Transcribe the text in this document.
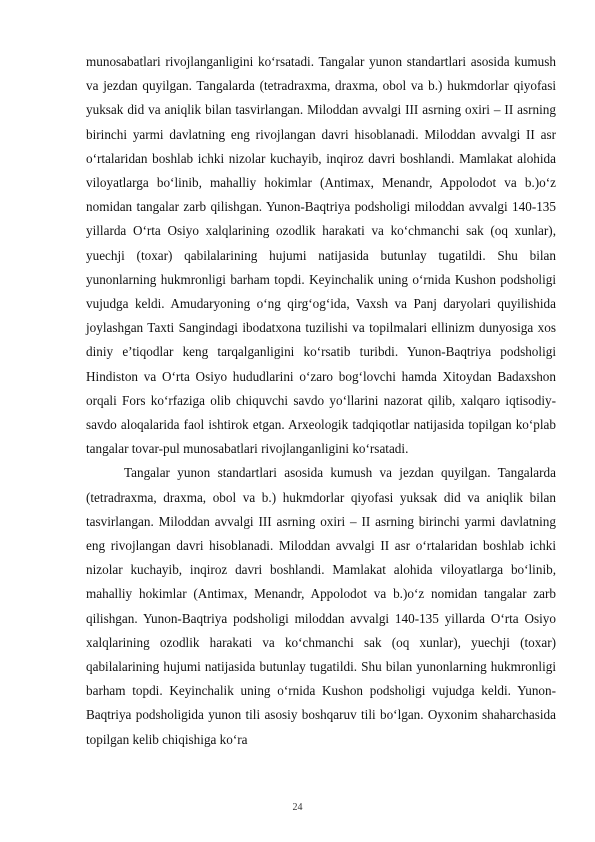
munosabatlari rivojlanganligini ko‘rsatadi. Tangalar yunon standartlari asosida kumush va jezdan quyilgan. Tangalarda (tetradraxma, draxma, obol va b.) hukmdorlar qiyofasi yuksak did va aniqlik bilan tasvirlangan. Miloddan avvalgi III asrning oxiri – II asrning birinchi yarmi davlatning eng rivojlangan davri hisoblanadi. Miloddan avvalgi II asr o‘rtalaridan boshlab ichki nizolar kuchayib, inqiroz davri boshlandi. Mamlakat alohida viloyatlarga bo‘linib, mahalliy hokimlar (Antimax, Menandr, Appolodot va b.)o‘z nomidan tangalar zarb qilishgan. Yunon-Baqtriya podsholigi miloddan avvalgi 140-135 yillarda O‘rta Osiyo xalqlarining ozodlik harakati va ko‘chmanchi sak (oq xunlar), yuechji (toxar) qabilalarining hujumi natijasida butunlay tugatildi. Shu bilan yunonlarning hukmronligi barham topdi. Keyinchalik uning o‘rnida Kushon podsholigi vujudga keldi. Amudaryoning o‘ng qirg‘og‘ida, Vaxsh va Panj daryolari quyilishida joylashgan Taxti Sangindagi ibodatxona tuzilishi va topilmalari ellinizm dunyosiga xos diniy e’tiqodlar keng tarqalganligini ko‘rsatib turibdi. Yunon-Baqtriya podsholigi Hindiston va O‘rta Osiyo hududlarini o‘zaro bog‘lovchi hamda Xitoydan Badaxshon orqali Fors ko‘rfaziga olib chiquvchi savdo yo‘llarini nazorat qilib, xalqaro iqtisodiy-savdo aloqalarida faol ishtirok etgan. Arxeologik tadqiqotlar natijasida topilgan ko‘plab tangalar tovar-pul munosabatlari rivojlanganligini ko‘rsatadi.

Tangalar yunon standartlari asosida kumush va jezdan quyilgan. Tangalarda (tetradraxma, draxma, obol va b.) hukmdorlar qiyofasi yuksak did va aniqlik bilan tasvirlangan. Miloddan avvalgi III asrning oxiri – II asrning birinchi yarmi davlatning eng rivojlangan davri hisoblanadi. Miloddan avvalgi II asr o‘rtalaridan boshlab ichki nizolar kuchayib, inqiroz davri boshlandi. Mamlakat alohida viloyatlarga bo‘linib, mahalliy hokimlar (Antimax, Menandr, Appolodot va b.)o‘z nomidan tangalar zarb qilishgan. Yunon-Baqtriya podsholigi miloddan avvalgi 140-135 yillarda O‘rta Osiyo xalqlarining ozodlik harakati va ko‘chmanchi sak (oq xunlar), yuechji (toxar) qabilalarining hujumi natijasida butunlay tugatildi. Shu bilan yunonlarning hukmronligi barham topdi. Keyinchalik uning o‘rnida Kushon podsholigi vujudga keldi. Yunon-Baqtriya podsholigida yunon tili asosiy boshqaruv tili bo‘lgan. Oyxonim shaharchasida topilgan kelib chiqishiga ko‘ra

24
